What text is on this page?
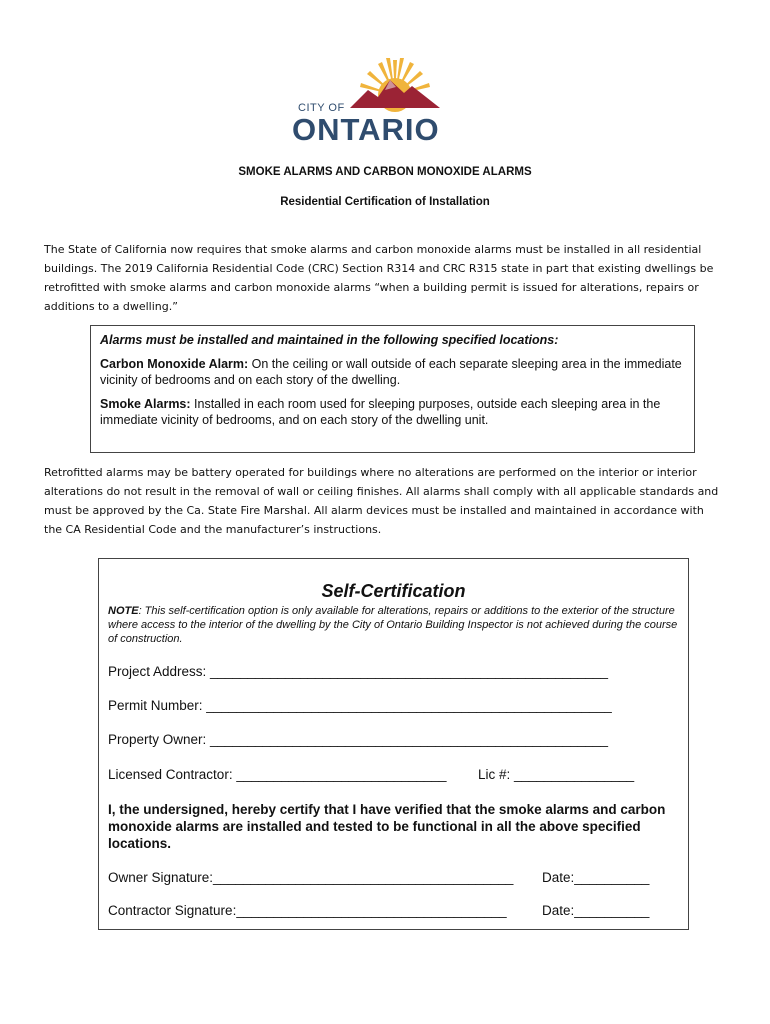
CITY OF
ONTARIO
SMOKE ALARMS AND CARBON MONOXIDE ALARMS
Residential Certification of Installation
The State of California now requires that smoke alarms and carbon monoxide alarms must be installed in all residential buildings. The 2019 California Residential Code (CRC) Section R314 and CRC R315 state in part that existing dwellings be retrofitted with smoke alarms and carbon monoxide alarms “when a building permit is issued for alterations, repairs or additions to a dwelling.”

Alarms must be installed and maintained in the following specified locations:

Carbon Monoxide Alarm: On the ceiling or wall outside of each separate sleeping area in the immediate vicinity of bedrooms and on each story of the dwelling.

Smoke Alarms: Installed in each room used for sleeping purposes, outside each sleeping area in the immediate vicinity of bedrooms, and on each story of the dwelling unit.

Retrofitted alarms may be battery operated for buildings where no alterations are performed on the interior or interior alterations do not result in the removal of wall or ceiling finishes. All alarms shall comply with all applicable standards and must be approved by the Ca. State Fire Marshal. All alarm devices must be installed and maintained in accordance with the CA Residential Code and the manufacturer’s instructions.
Self-Certification
NOTE: This self-certification option is only available for alterations, repairs or additions to the exterior of the structure where access to the interior of the dwelling by the City of Ontario Building Inspector is not achieved during the course of construction.
Project Address: _____________________________________________________
Permit Number: ______________________________________________________
Property Owner: _____________________________________________________
Licensed Contractor: ____________________________ Lic #: ________________
I, the undersigned, hereby certify that I have verified that the smoke alarms and carbon monoxide alarms are installed and tested to be functional in all the above specified locations.
Owner Signature:________________________________________ Date:__________
Contractor Signature:____________________________________	Date:__________
